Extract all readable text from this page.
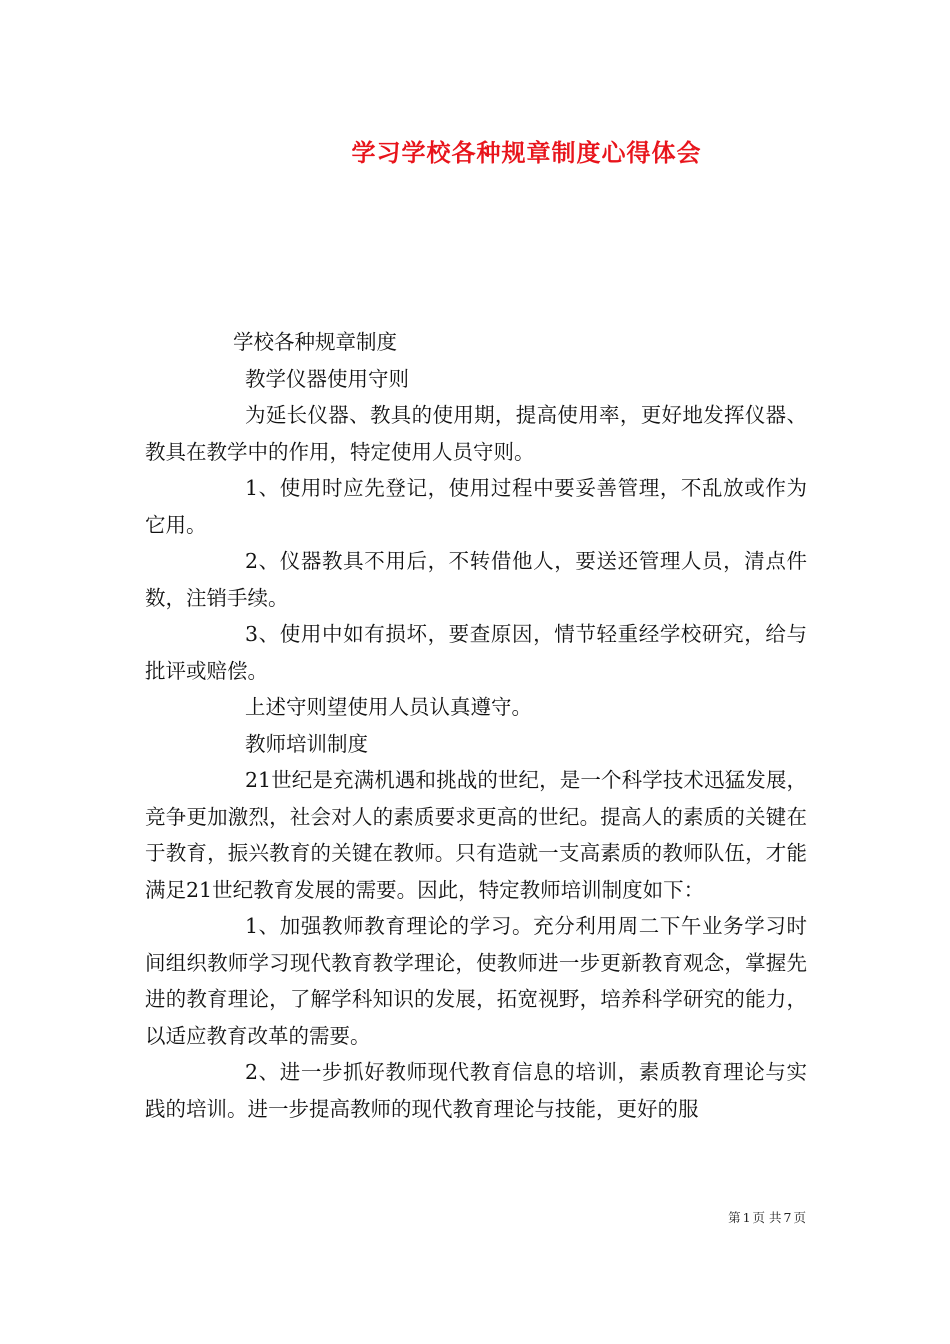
学习学校各种规章制度心得体会

学校各种规章制度

教学仪器使用守则

为延长仪器、教具的使用期，提高使用率，更好地发挥仪器、教具在教学中的作用，特定使用人员守则。

1、使用时应先登记，使用过程中要妥善管理，不乱放或作为它用。

2、仪器教具不用后，不转借他人，要送还管理人员，清点件数，注销手续。

3、使用中如有损坏，要查原因，情节轻重经学校研究，给与批评或赔偿。

上述守则望使用人员认真遵守。

教师培训制度

21世纪是充满机遇和挑战的世纪，是一个科学技术迅猛发展，竞争更加激烈，社会对人的素质要求更高的世纪。提高人的素质的关键在于教育，振兴教育的关键在教师。只有造就一支高素质的教师队伍，才能满足21世纪教育发展的需要。因此，特定教师培训制度如下：

1、加强教师教育理论的学习。充分利用周二下午业务学习时间组织教师学习现代教育教学理论，使教师进一步更新教育观念，掌握先进的教育理论，了解学科知识的发展，拓宽视野，培养科学研究的能力，以适应教育改革的需要。

2、进一步抓好教师现代教育信息的培训，素质教育理论与实践的培训。进一步提高教师的现代教育理论与技能，更好的服

第 1 页 共 7 页
